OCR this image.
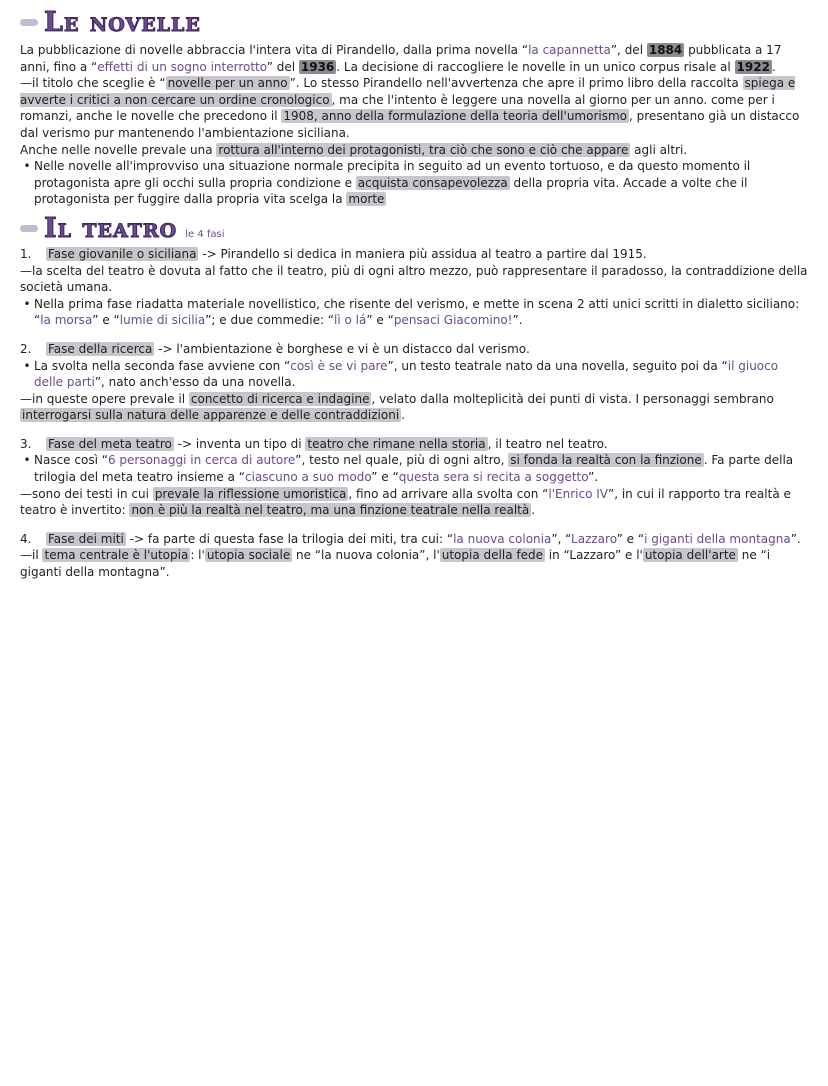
Le novelle

La pubblicazione di novelle abbraccia l'intera vita di Pirandello, dalla prima novella “la capannetta”, del 1884 pubblicata a 17 anni, fino a “effetti di un sogno interrotto” del 1936 . La decisione di raccogliere le novelle in un unico corpus risale al 1922 .

—il titolo che sceglie è “ novelle per un anno ”. Lo stesso Pirandello nell'avvertenza che apre il primo libro della raccolta spiega e avverte i critici a non cercare un ordine cronologico , ma che l'intento è leggere una novella al giorno per un anno. come per i romanzi, anche le novelle che precedono il 1908, anno della formulazione della teoria dell'umorismo , presentano già un distacco dal verismo pur mantenendo l'ambientazione siciliana.

Anche nelle novelle prevale una rottura all'interno dei protagonisti, tra ciò che sono e ciò che appare agli altri.

• Nelle novelle all'improvviso una situazione normale precipita in seguito ad un evento tortuoso, e da questo momento il protagonista apre gli occhi sulla propria condizione e acquista consapevolezza della propria vita. Accade a volte che il protagonista per fuggire dalla propria vita scelga la morte

Il teatro le 4 fasi

1.	Fase giovanile o siciliana -> Pirandello si dedica in maniera più assidua al teatro a partire dal 1915.

—la scelta del teatro è dovuta al fatto che il teatro, più di ogni altro mezzo, può rappresentare il paradosso, la contraddizione della società umana.

• Nella prima fase riadatta materiale novellistico, che risente del verismo, e mette in scena 2 atti unici scritti in dialetto siciliano: “la morsa” e “lumie di sicilia”; e due commedie: “lì o lá” e “pensaci Giacomino!”.

2.	Fase della ricerca -> l'ambientazione è borghese e vi è un distacco dal verismo.

• La svolta nella seconda fase avviene con “così è se vi pare”, un testo teatrale nato da una novella, seguito poi da “il giuoco delle parti”, nato anch'esso da una novella.

—in queste opere prevale il concetto di ricerca e indagine , velato dalla molteplicità dei punti di vista. I personaggi sembrano interrogarsi sulla natura delle apparenze e delle contraddizioni .

3.	Fase del meta teatro -> inventa un tipo di teatro che rimane nella storia , il teatro nel teatro.

• Nasce così “6 personaggi in cerca di autore”, testo nel quale, più di ogni altro, si fonda la realtà con la finzione . Fa parte della trilogia del meta teatro insieme a “ciascuno a suo modo” e “questa sera si recita a soggetto”.

—sono dei testi in cui prevale la riflessione umoristica , fino ad arrivare alla svolta con “l'Enrico IV”, in cui il rapporto tra realtà e teatro è invertito: non è più la realtà nel teatro, ma una finzione teatrale nella realtà .

4.	Fase dei miti -> fa parte di questa fase la trilogia dei miti, tra cui: “la nuova colonia”, “Lazzaro” e “i giganti della montagna”.

—il tema centrale è l'utopia : l' utopia sociale ne “la nuova colonia”, l' utopia della fede in “Lazzaro” e l' utopia dell'arte ne “i giganti della montagna”.
